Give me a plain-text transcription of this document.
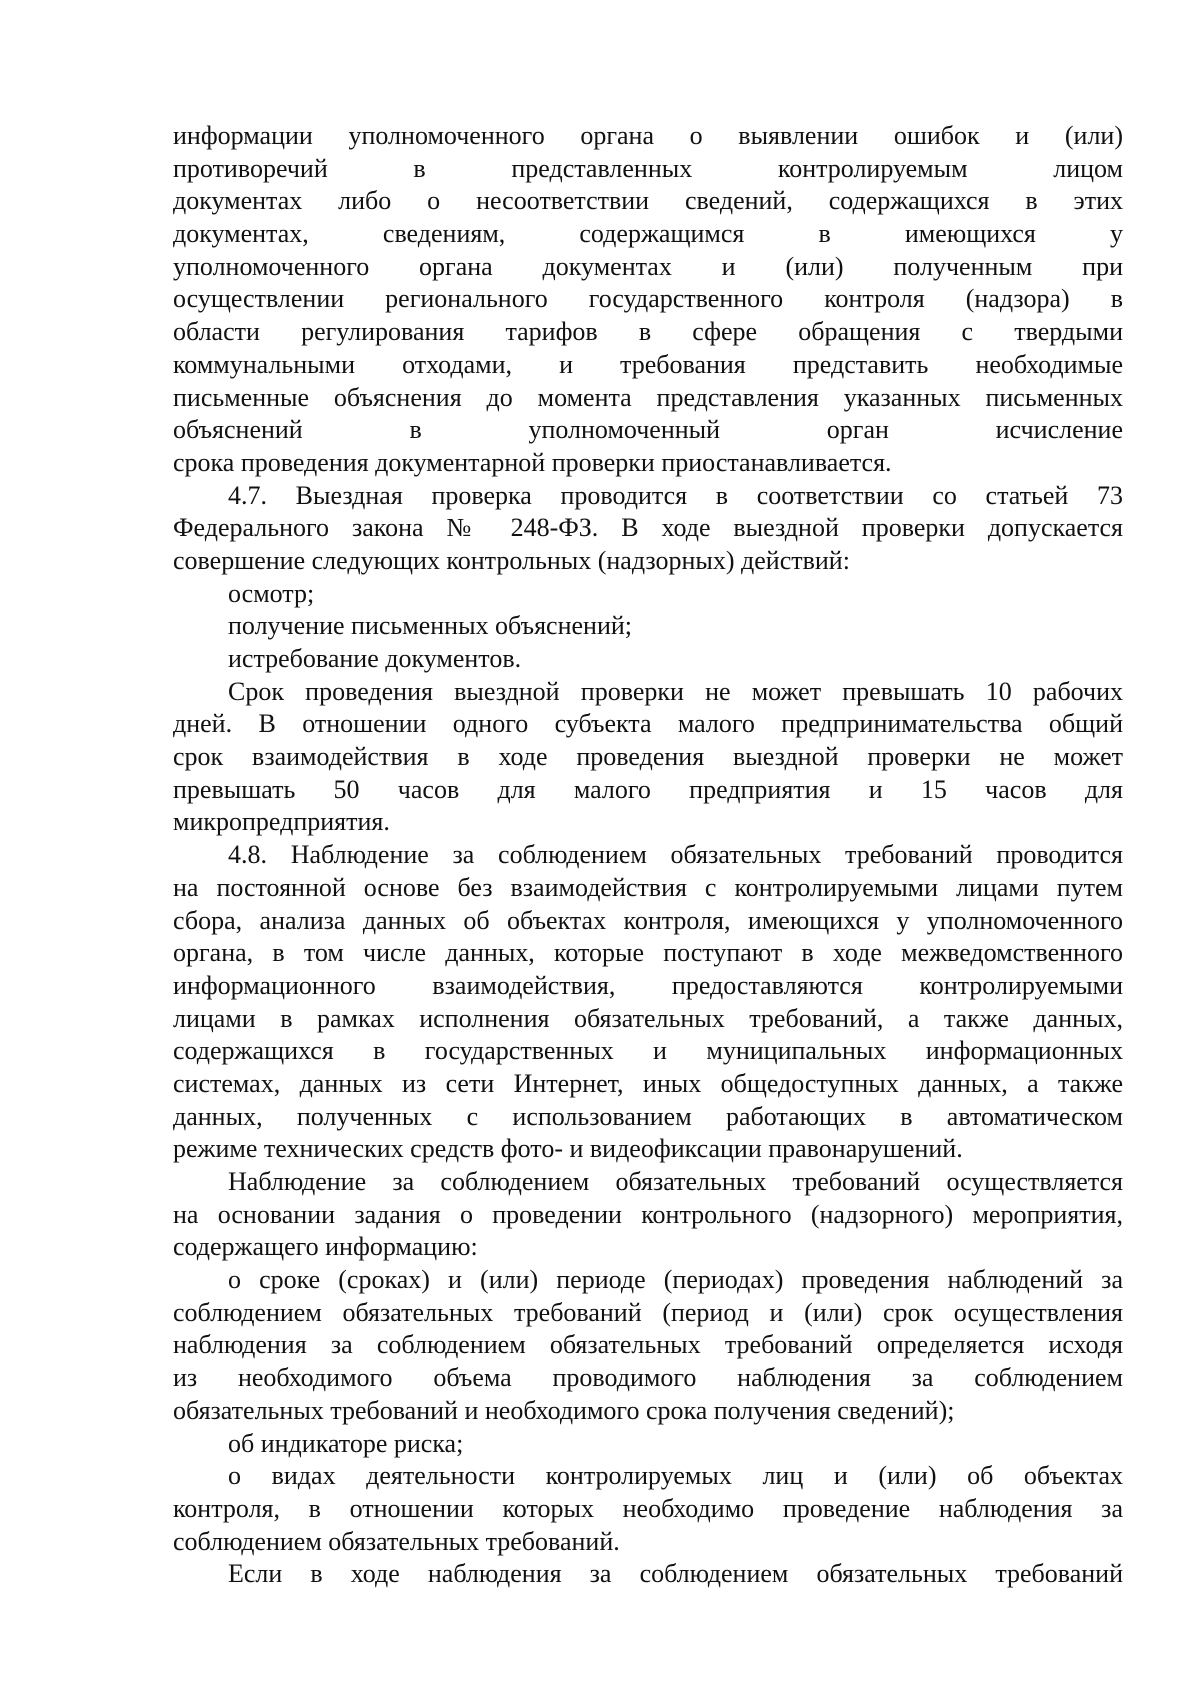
информации уполномоченного органа о выявлении ошибок и (или)
противоречий в представленных контролируемым лицом
документах либо о несоответствии сведений, содержащихся в этих
документах, сведениям, содержащимся в имеющихся у
уполномоченного органа документах и (или) полученным при
осуществлении регионального государственного контроля (надзора) в
области регулирования тарифов в сфере обращения с твердыми
коммунальными отходами, и требования представить необходимые
письменные объяснения до момента представления указанных письменных
объяснений в уполномоченный орган исчисление
срока проведения документарной проверки приостанавливается.
4.7. Выездная проверка проводится в соответствии со статьей 73
Федерального закона № 248-ФЗ. В ходе выездной проверки допускается
совершение следующих контрольных (надзорных) действий:
осмотр;
получение письменных объяснений;
истребование документов.
Срок проведения выездной проверки не может превышать 10 рабочих
дней. В отношении одного субъекта малого предпринимательства общий
срок взаимодействия в ходе проведения выездной проверки не может
превышать 50 часов для малого предприятия и 15 часов для
микропредприятия.
4.8. Наблюдение за соблюдением обязательных требований проводится
на постоянной основе без взаимодействия с контролируемыми лицами путем
сбора, анализа данных об объектах контроля, имеющихся у уполномоченного
органа, в том числе данных, которые поступают в ходе межведомственного
информационного взаимодействия, предоставляются контролируемыми
лицами в рамках исполнения обязательных требований, а также данных,
содержащихся в государственных и муниципальных информационных
системах, данных из сети Интернет, иных общедоступных данных, а также
данных, полученных с использованием работающих в автоматическом
режиме технических средств фото- и видеофиксации правонарушений.
Наблюдение за соблюдением обязательных требований осуществляется
на основании задания о проведении контрольного (надзорного) мероприятия,
содержащего информацию:
о сроке (сроках) и (или) периоде (периодах) проведения наблюдений за
соблюдением обязательных требований (период и (или) срок осуществления
наблюдения за соблюдением обязательных требований определяется исходя
из необходимого объема проводимого наблюдения за соблюдением
обязательных требований и необходимого срока получения сведений);
об индикаторе риска;
о видах деятельности контролируемых лиц и (или) об объектах
контроля, в отношении которых необходимо проведение наблюдения за
соблюдением обязательных требований.
Если в ходе наблюдения за соблюдением обязательных требований
